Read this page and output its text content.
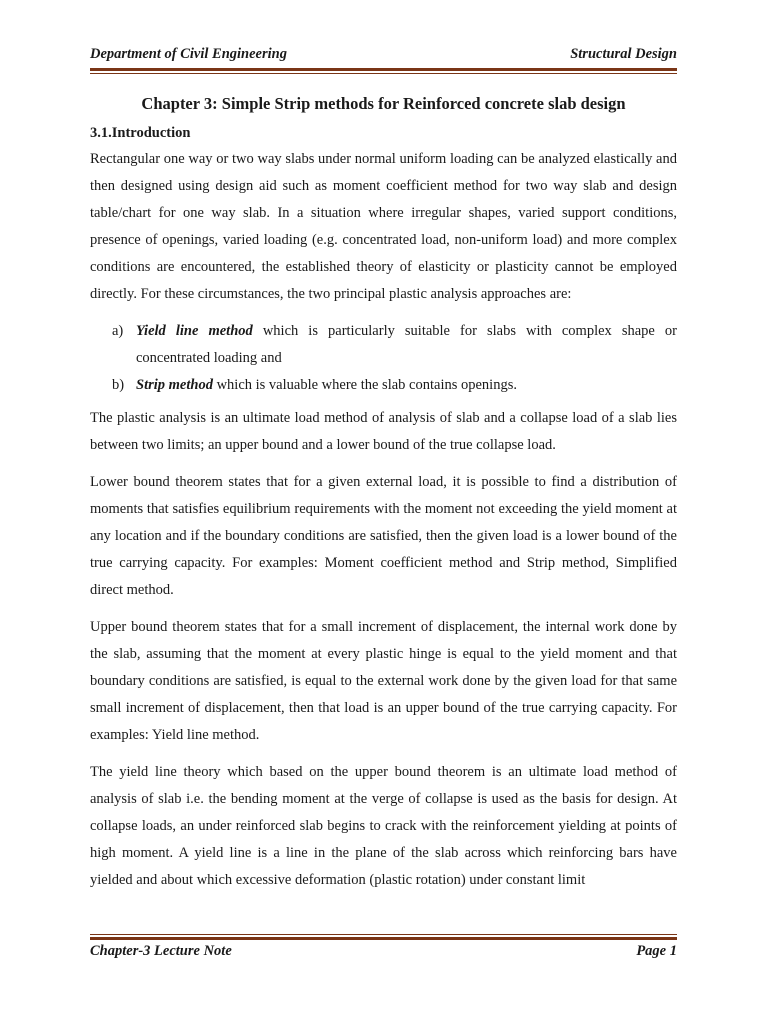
Department of Civil Engineering	Structural Design
Chapter 3: Simple Strip methods for Reinforced concrete slab design
3.1.Introduction

Rectangular one way or two way slabs under normal uniform loading can be analyzed elastically and then designed using design aid such as moment coefficient method for two way slab and design table/chart for one way slab. In a situation where irregular shapes, varied support conditions, presence of openings, varied loading (e.g. concentrated load, non-uniform load) and more complex conditions are encountered, the established theory of elasticity or plasticity cannot be employed directly. For these circumstances, the two principal plastic analysis approaches are:

a) Yield line method which is particularly suitable for slabs with complex shape or concentrated loading and
b) Strip method which is valuable where the slab contains openings.

The plastic analysis is an ultimate load method of analysis of slab and a collapse load of a slab lies between two limits; an upper bound and a lower bound of the true collapse load.

Lower bound theorem states that for a given external load, it is possible to find a distribution of moments that satisfies equilibrium requirements with the moment not exceeding the yield moment at any location and if the boundary conditions are satisfied, then the given load is a lower bound of the true carrying capacity. For examples: Moment coefficient method and Strip method, Simplified direct method.

Upper bound theorem states that for a small increment of displacement, the internal work done by the slab, assuming that the moment at every plastic hinge is equal to the yield moment and that boundary conditions are satisfied, is equal to the external work done by the given load for that same small increment of displacement, then that load is an upper bound of the true carrying capacity. For examples: Yield line method.

The yield line theory which based on the upper bound theorem is an ultimate load method of analysis of slab i.e. the bending moment at the verge of collapse is used as the basis for design. At collapse loads, an under reinforced slab begins to crack with the reinforcement yielding at points of high moment. A yield line is a line in the plane of the slab across which reinforcing bars have yielded and about which excessive deformation (plastic rotation) under constant limit

Chapter-3 Lecture Note	Page 1
